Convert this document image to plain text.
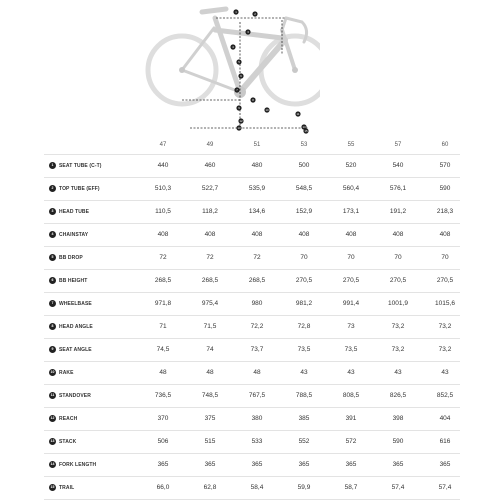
1	2
3
4
5
6
7
8
9	10
11
12
13	14
15
47	49	51	53	55	57	60
1	SEAT TUBE (C-T)	440	460	480	500	520	540	570
2	TOP TUBE (EFF)	510,3	522,7	535,9	548,5	560,4	576,1	590
3	HEAD TUBE	110,5	118,2	134,6	152,9	173,1	191,2	218,3
4	CHAINSTAY	408	408	408	408	408	408	408
5	BB DROP	72	72	72	70	70	70	70
6	BB HEIGHT	268,5	268,5	268,5	270,5	270,5	270,5	270,5
7	WHEELBASE	971,8	975,4	980	981,2	991,4	1001,9	1015,6
8	HEAD ANGLE	71	71,5	72,2	72,8	73	73,2	73,2
9	SEAT ANGLE	74,5	74	73,7	73,5	73,5	73,2	73,2
10 RAKE	48	48	48	43	43	43	43
11 STANDOVER	736,5	748,5	767,5	788,5	808,5	826,5	852,5
12 REACH	370	375	380	385	391	398	404
13 STACK	506	515	533	552	572	590	616
14 FORK LENGTH	365	365	365	365	365	365	365
15 TRAIL	66,0	62,8	58,4	59,9	58,7	57,4	57,4
